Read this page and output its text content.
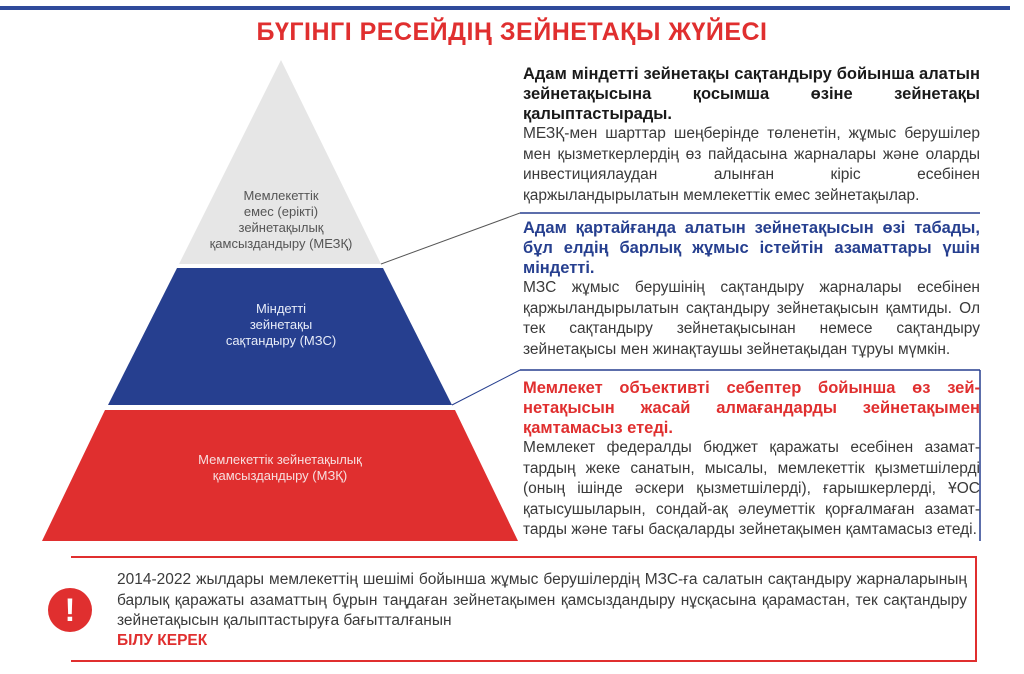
БҮГІНГІ РЕСЕЙДІҢ ЗЕЙНЕТАҚЫ ЖҮЙЕСІ
Мемлекеттік
емес (ерікті)
зейнетақылық
қамсыздандыру (МЕЗҚ)
Міндетті
зейнетақы
сақтандыру (МЗС)
Мемлекеттік зейнетақылық
қамсыздандыру (МЗҚ)
Адам міндетті зейнетақы сақтандыру бойынша алатын зейнетақысына қосымша өзіне зейнетақы қалыптастырады.
МЕЗҚ-мен шарттар шеңберінде төленетін, жұмыс берушілер мен қызметкерлердің өз пайдасына жарналары және оларды инвестициялаудан алынған кіріс есебінен қаржыландырылатын мемлекеттік емес зейнетақылар.
Адам қартайғанда алатын зейнетақысын өзі табады, бұл елдің барлық жұмыс істейтін азаматтары үшін міндетті.
МЗС жұмыс берушінің сақтандыру жарналары есебінен қаржыландырылатын сақтандыру зейнетақысын қамтиды. Ол тек сақтандыру зейнетақысынан немесе сақтандыру зейнетақысы мен жинақтаушы зейнетақыдан тұруы мүмкін.
Мемлекет объективті себептер бойынша өз зей-нетақысын жасай алмағандарды зейнетақымен қамтамасыз етеді.
Мемлекет федералды бюджет қаражаты есебінен азамат-тардың жеке санатын, мысалы, мемлекеттік қызметшілерді (оның ішінде әскери қызметшілерді), ғарышкерлерді, ҰОС қатысушыларын, сондай-ақ әлеуметтік қорғалмаған азамат-тарды және тағы басқаларды зейнетақымен қамтамасыз етеді.
!
2014-2022 жылдары мемлекеттің шешімі бойынша жұмыс берушілердің МЗС-ға салатын сақтандыру жарналарының барлық қаражаты азаматтың бұрын таңдаған зейнетақымен қамсыздандыру нұсқасына қарамастан, тек сақтандыру зейнетақысын қалыптастыруға бағытталғанын
БІЛУ КЕРЕК
